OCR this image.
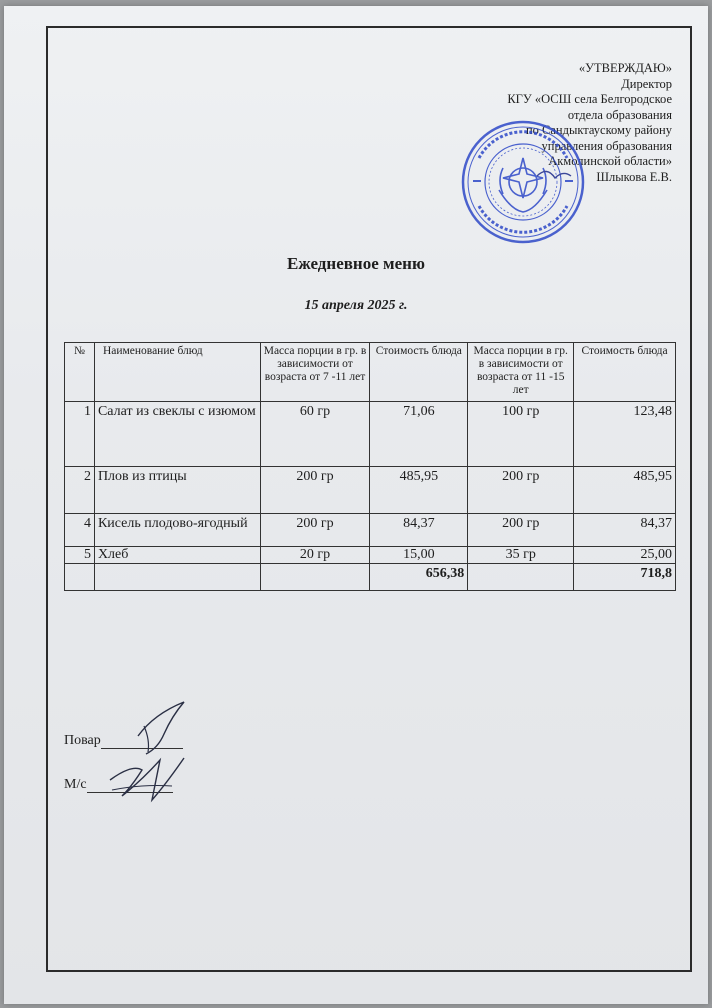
«УТВЕРЖДАЮ»
Директор
КГУ «ОСШ села Белгородское
отдела образования
по Сандыктаускому району
управления образования
Акмолинской области»
Шлыкова Е.В.
Ежедневное меню
15 апреля 2025 г.
№	Наименование блюд	Масса порции в гр. в зависимости от возраста от 7 -11 лет	Стоимость блюда	Масса порции в гр. в зависимости от возраста от 11 -15 лет	Стоимость блюда
1	Салат из свеклы с изюмом	60 гр	71,06	100 гр	123,48
2	Плов из птицы	200 гр	485,95	200 гр	485,95
4	Кисель плодово-ягодный	200 гр	84,37	200 гр	84,37
5	Хлеб	20 гр	15,00	35 гр	25,00
			656,38		718,8
Повар
М/с
